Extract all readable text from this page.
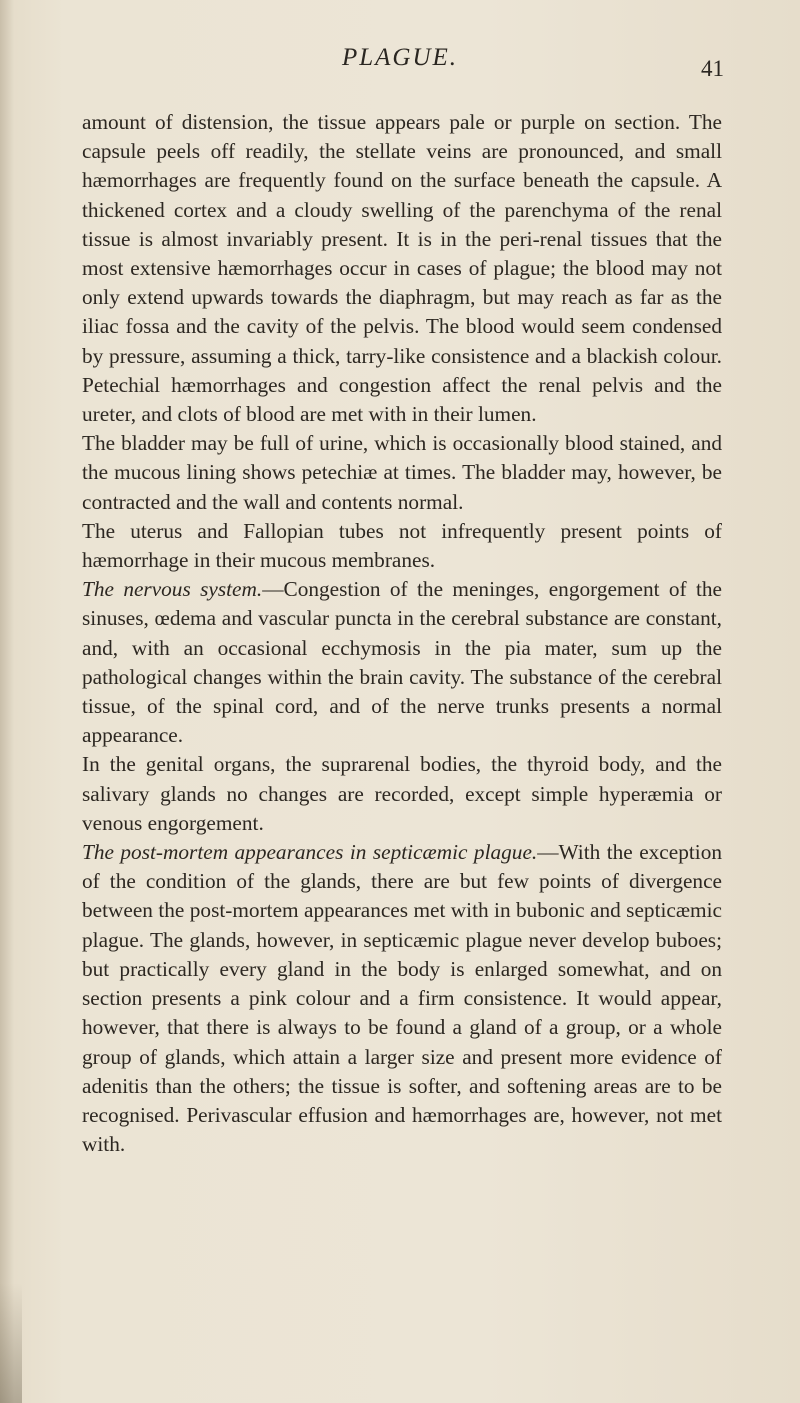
PLAGUE.	41

amount of distension, the tissue appears pale or purple on section. The capsule peels off readily, the stellate veins are pronounced, and small hæmorrhages are frequently found on the surface beneath the capsule. A thickened cortex and a cloudy swelling of the parenchyma of the renal tissue is almost invariably present. It is in the peri-renal tissues that the most extensive hæmorrhages occur in cases of plague; the blood may not only extend upwards towards the diaphragm, but may reach as far as the iliac fossa and the cavity of the pelvis. The blood would seem condensed by pressure, assuming a thick, tarry-like consistence and a blackish colour. Petechial hæmorrhages and congestion affect the renal pelvis and the ureter, and clots of blood are met with in their lumen.

The bladder may be full of urine, which is occasionally blood stained, and the mucous lining shows petechiæ at times. The bladder may, however, be contracted and the wall and contents normal.

The uterus and Fallopian tubes not infrequently present points of hæmorrhage in their mucous membranes.

The nervous system.—Congestion of the meninges, engorgement of the sinuses, œdema and vascular puncta in the cerebral substance are constant, and, with an occasional ecchymosis in the pia mater, sum up the pathological changes within the brain cavity. The substance of the cerebral tissue, of the spinal cord, and of the nerve trunks presents a normal appearance.

In the genital organs, the suprarenal bodies, the thyroid body, and the salivary glands no changes are recorded, except simple hyperæmia or venous engorgement.

The post-mortem appearances in septicæmic plague.—With the exception of the condition of the glands, there are but few points of divergence between the post-mortem appearances met with in bubonic and septicæmic plague. The glands, however, in septicæmic plague never develop buboes; but practically every gland in the body is enlarged somewhat, and on section presents a pink colour and a firm consistence. It would appear, however, that there is always to be found a gland of a group, or a whole group of glands, which attain a larger size and present more evidence of adenitis than the others; the tissue is softer, and softening areas are to be recognised. Perivascular effusion and hæmorrhages are, however, not met with.
